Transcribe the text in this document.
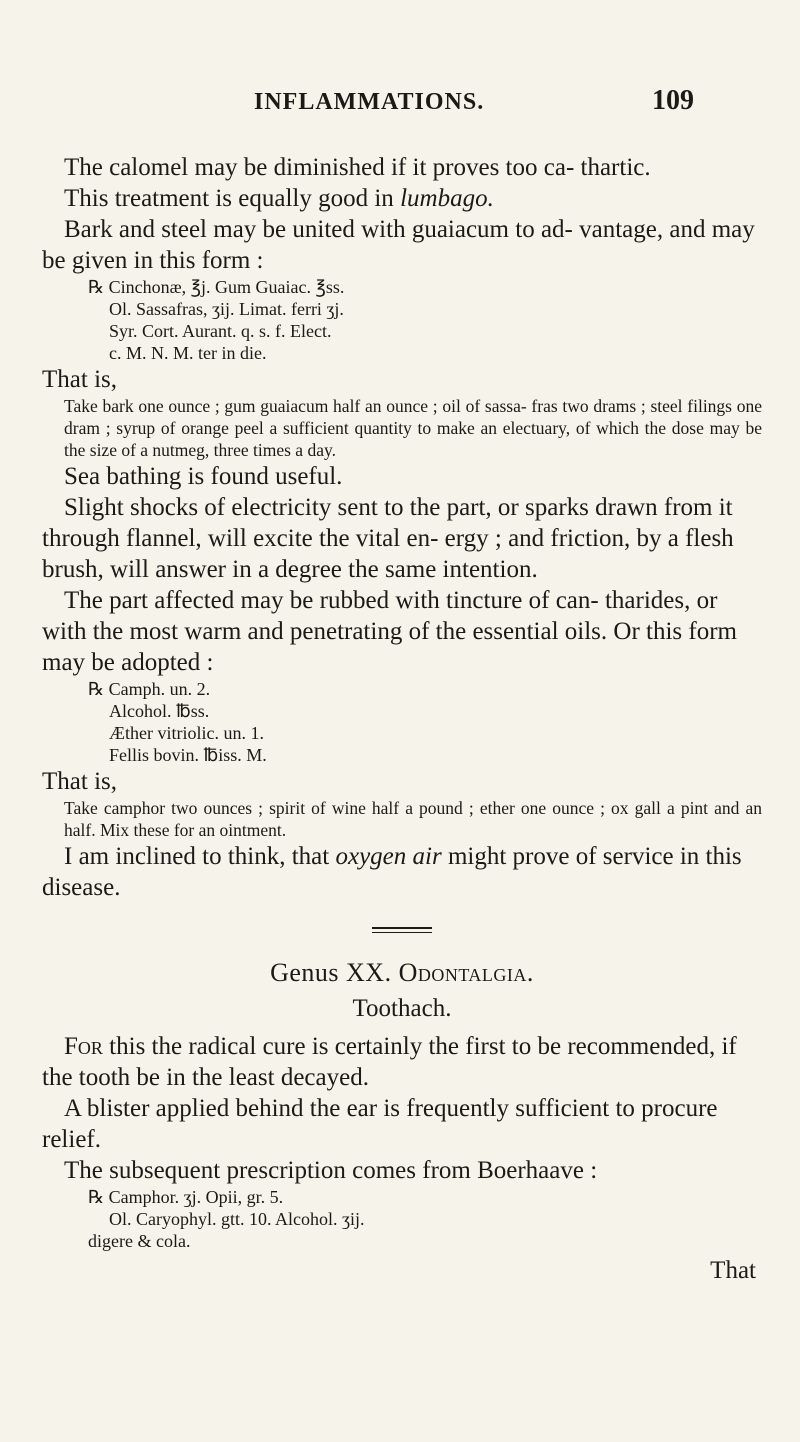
INFLAMMATIONS.	109

The calomel may be diminished if it proves too ca- thartic.

This treatment is equally good in lumbago.

Bark and steel may be united with guaiacum to ad- vantage, and may be given in this form :

℞ Cinchonæ, ℥j. Gum Guaiac. ℥ss.
Ol. Sassafras, ʒij. Limat. ferri ʒj.
Syr. Cort. Aurant. q. s. f. Elect.
c. M. N. M. ter in die.

That is,

Take bark one ounce ; gum guaiacum half an ounce ; oil of sassa- fras two drams ; steel filings one dram ; syrup of orange peel a sufficient quantity to make an electuary, of which the dose may be the size of a nutmeg, three times a day.

Sea bathing is found useful.

Slight shocks of electricity sent to the part, or sparks drawn from it through flannel, will excite the vital en- ergy ; and friction, by a flesh brush, will answer in a degree the same intention.

The part affected may be rubbed with tincture of can- tharides, or with the most warm and penetrating of the essential oils. Or this form may be adopted :

℞ Camph. un. 2.
Alcohol. ℔ss.
Æther vitriolic. un. 1.
Fellis bovin. ℔iss. M.

That is,

Take camphor two ounces ; spirit of wine half a pound ; ether one ounce ; ox gall a pint and an half. Mix these for an ointment.

I am inclined to think, that oxygen air might prove of service in this disease.

Genus XX. Odontalgia.
Toothach.

For this the radical cure is certainly the first to be recommended, if the tooth be in the least decayed.

A blister applied behind the ear is frequently sufficient to procure relief.

The subsequent prescription comes from Boerhaave :

℞ Camphor. ʒj. Opii, gr. 5.
Ol. Caryophyl. gtt. 10. Alcohol. ʒij.
digere & cola.
That
